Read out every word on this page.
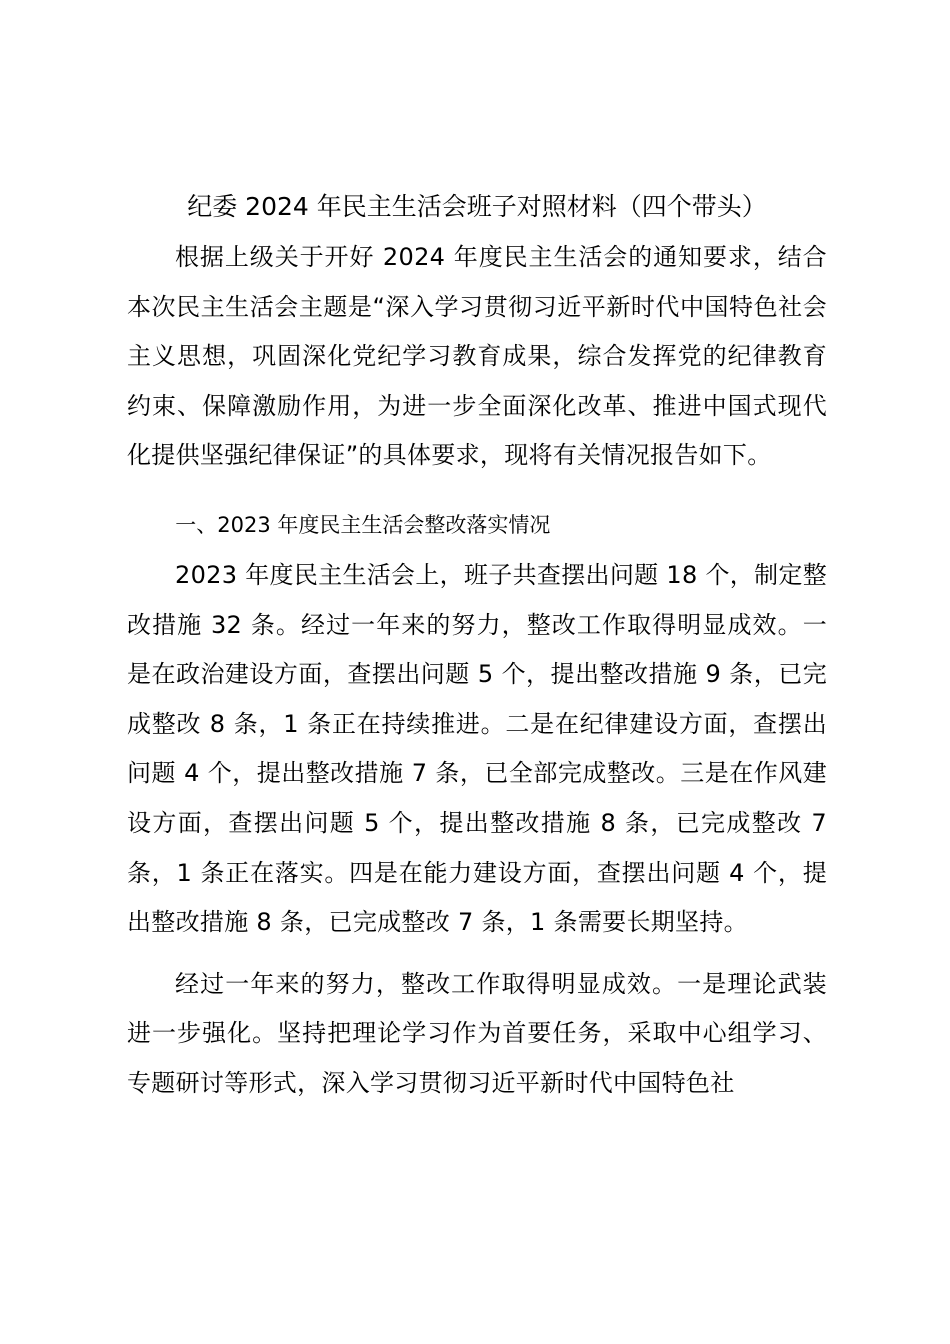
纪委 2024 年民主生活会班子对照材料（四个带头）

根据上级关于开好 2024 年度民主生活会的通知要求，结合本次民主生活会主题是“深入学习贯彻习近平新时代中国特色社会主义思想，巩固深化党纪学习教育成果，综合发挥党的纪律教育约束、保障激励作用，为进一步全面深化改革、推进中国式现代化提供坚强纪律保证”的具体要求，现将有关情况报告如下。

一、2023 年度民主生活会整改落实情况

2023 年度民主生活会上，班子共查摆出问题 18 个，制定整改措施 32 条。经过一年来的努力，整改工作取得明显成效。一是在政治建设方面，查摆出问题 5 个，提出整改措施 9 条，已完成整改 8 条，1 条正在持续推进。二是在纪律建设方面，查摆出问题 4 个，提出整改措施 7 条，已全部完成整改。三是在作风建设方面，查摆出问题 5 个，提出整改措施 8 条，已完成整改 7 条，1 条正在落实。四是在能力建设方面，查摆出问题 4 个，提出整改措施 8 条，已完成整改 7 条，1 条需要长期坚持。

经过一年来的努力，整改工作取得明显成效。一是理论武装进一步强化。坚持把理论学习作为首要任务，采取中心组学习、专题研讨等形式，深入学习贯彻习近平新时代中国特色社
